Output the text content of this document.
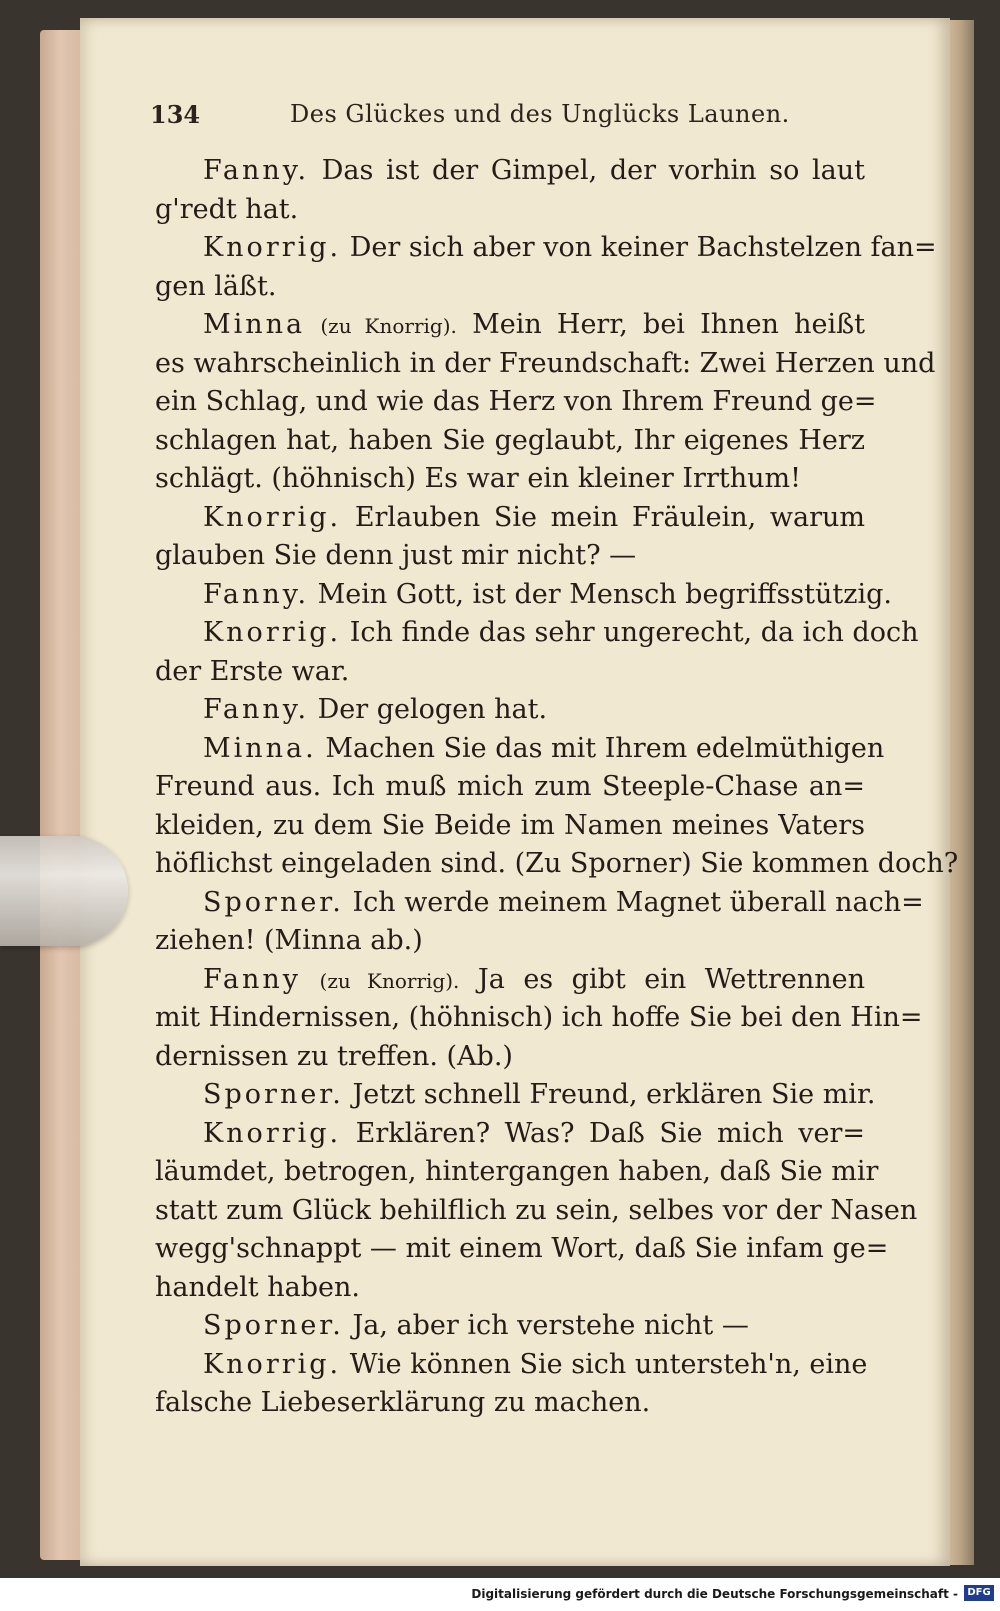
134	Des Glückes und des Unglücks Launen.
Fanny. Das ist der Gimpel, der vorhin so laut
g'redt hat.
Knorrig. Der sich aber von keiner Bachstelzen fan=
gen läßt.
Minna (zu Knorrig). Mein Herr, bei Ihnen heißt
es wahrscheinlich in der Freundschaft: Zwei Herzen und
ein Schlag, und wie das Herz von Ihrem Freund ge=
schlagen hat, haben Sie geglaubt, Ihr eigenes Herz
schlägt. (höhnisch) Es war ein kleiner Irrthum!
Knorrig. Erlauben Sie mein Fräulein, warum
glauben Sie denn just mir nicht? —
Fanny. Mein Gott, ist der Mensch begriffsstützig.
Knorrig. Ich finde das sehr ungerecht, da ich doch
der Erste war.
Fanny. Der gelogen hat.
Minna. Machen Sie das mit Ihrem edelmüthigen
Freund aus. Ich muß mich zum Steeple-Chase an=
kleiden, zu dem Sie Beide im Namen meines Vaters
höflichst eingeladen sind. (Zu Sporner) Sie kommen doch?
Sporner. Ich werde meinem Magnet überall nach=
ziehen! (Minna ab.)
Fanny (zu Knorrig). Ja es gibt ein Wettrennen
mit Hindernissen, (höhnisch) ich hoffe Sie bei den Hin=
dernissen zu treffen. (Ab.)
Sporner. Jetzt schnell Freund, erklären Sie mir.
Knorrig. Erklären? Was? Daß Sie mich ver=
läumdet, betrogen, hintergangen haben, daß Sie mir
statt zum Glück behilflich zu sein, selbes vor der Nasen
wegg'schnappt — mit einem Wort, daß Sie infam ge=
handelt haben.
Sporner. Ja, aber ich verstehe nicht —
Knorrig. Wie können Sie sich untersteh'n, eine
falsche Liebeserklärung zu machen.
Digitalisierung gefördert durch die Deutsche Forschungsgemeinschaft - DFG
